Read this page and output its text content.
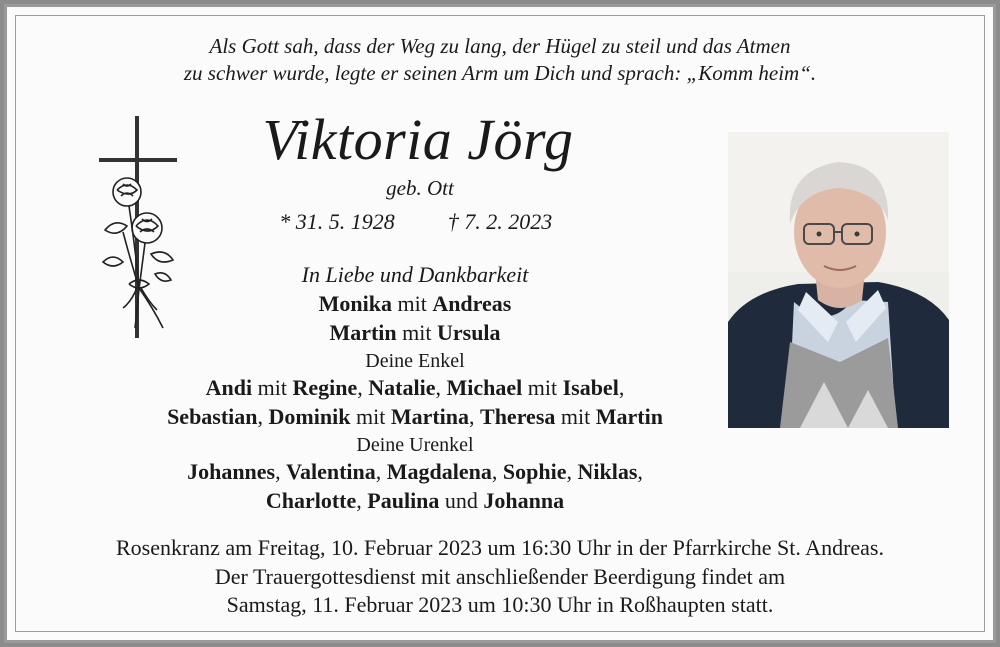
Als Gott sah, dass der Weg zu lang, der Hügel zu steil und das Atmen
zu schwer wurde, legte er seinen Arm um Dich und sprach: „Komm heim“.
Viktoria Jörg
geb. Ott
* 31. 5. 1928	† 7. 2. 2023
In Liebe und Dankbarkeit
Monika mit Andreas
Martin mit Ursula
Deine Enkel
Andi mit Regine, Natalie, Michael mit Isabel,
Sebastian, Dominik mit Martina, Theresa mit Martin
Deine Urenkel
Johannes, Valentina, Magdalena, Sophie, Niklas,
Charlotte, Paulina und Johanna
Rosenkranz am Freitag, 10. Februar 2023 um 16:30 Uhr in der Pfarrkirche St. Andreas.
Der Trauergottesdienst mit anschließender Beerdigung findet am
Samstag, 11. Februar 2023 um 10:30 Uhr in Roßhaupten statt.
